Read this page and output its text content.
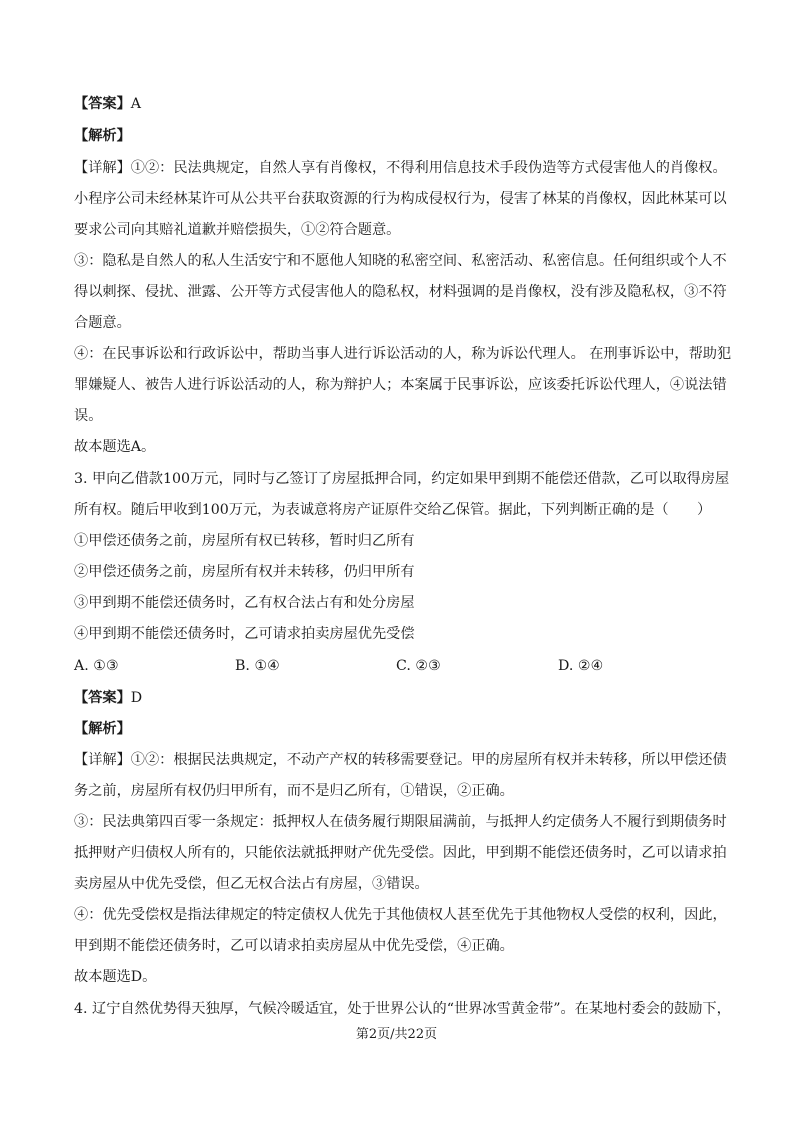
【答案】A
【解析】
【详解】①②：民法典规定，自然人享有肖像权，不得利用信息技术手段伪造等方式侵害他人的肖像权。
小程序公司未经林某许可从公共平台获取资源的行为构成侵权行为，侵害了林某的肖像权，因此林某可以
要求公司向其赔礼道歉并赔偿损失，①②符合题意。
③：隐私是自然人的私人生活安宁和不愿他人知晓的私密空间、私密活动、私密信息。任何组织或个人不
得以刺探、侵扰、泄露、公开等方式侵害他人的隐私权，材料强调的是肖像权，没有涉及隐私权，③不符
合题意。
④：在民事诉讼和行政诉讼中，帮助当事人进行诉讼活动的人，称为诉讼代理人。 在刑事诉讼中，帮助犯
罪嫌疑人、被告人进行诉讼活动的人，称为辩护人；本案属于民事诉讼，应该委托诉讼代理人，④说法错
误。
故本题选A。
3. 甲向乙借款100万元，同时与乙签订了房屋抵押合同，约定如果甲到期不能偿还借款，乙可以取得房屋
所有权。随后甲收到100万元，为表诚意将房产证原件交给乙保管。据此，下列判断正确的是（　　）
①甲偿还债务之前，房屋所有权已转移，暂时归乙所有
②甲偿还债务之前，房屋所有权并未转移，仍归甲所有
③甲到期不能偿还债务时，乙有权合法占有和处分房屋
④甲到期不能偿还债务时，乙可请求拍卖房屋优先受偿
A. ①③	B. ①④	C. ②③	D. ②④
【答案】D
【解析】
【详解】①②：根据民法典规定，不动产产权的转移需要登记。甲的房屋所有权并未转移，所以甲偿还债
务之前，房屋所有权仍归甲所有，而不是归乙所有，①错误，②正确。
③：民法典第四百零一条规定：抵押权人在债务履行期限届满前，与抵押人约定债务人不履行到期债务时
抵押财产归债权人所有的，只能依法就抵押财产优先受偿。因此，甲到期不能偿还债务时，乙可以请求拍
卖房屋从中优先受偿，但乙无权合法占有房屋，③错误。
④：优先受偿权是指法律规定的特定债权人优先于其他债权人甚至优先于其他物权人受偿的权利，因此，
甲到期不能偿还债务时，乙可以请求拍卖房屋从中优先受偿，④正确。
故本题选D。
4. 辽宁自然优势得天独厚，气候冷暖适宜，处于世界公认的“世界冰雪黄金带”。在某地村委会的鼓励下，
第2页/共22页
